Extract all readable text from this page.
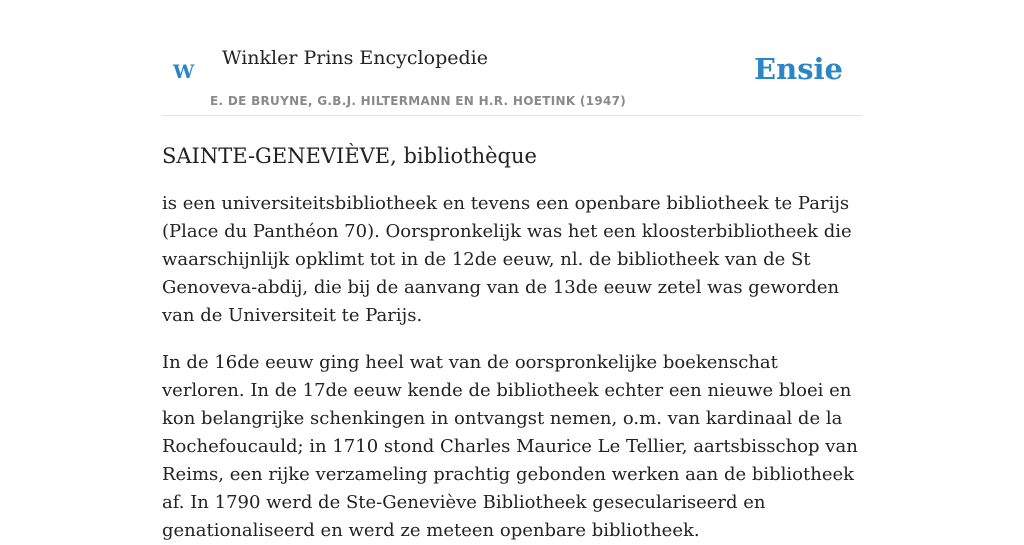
w Winkler Prins Encyclopedie
E. DE BRUYNE, G.B.J. HILTERMANN EN H.R. HOETINK (1947)
Ensie
SAINTE-GENEVIÈVE, bibliothèque

is een universiteitsbibliotheek en tevens een openbare bibliotheek te Parijs (Place du Panthéon 70). Oorspronkelijk was het een kloosterbibliotheek die waarschijnlijk opklimt tot in de 12de eeuw, nl. de bibliotheek van de St Genoveva-abdij, die bij de aanvang van de 13de eeuw zetel was geworden van de Universiteit te Parijs.

In de 16de eeuw ging heel wat van de oorspronkelijke boekenschat verloren. In de 17de eeuw kende de bibliotheek echter een nieuwe bloei en kon belangrijke schenkingen in ontvangst nemen, o.m. van kardinaal de la Rochefoucauld; in 1710 stond Charles Maurice Le Tellier, aartsbisschop van Reims, een rijke verzameling prachtig gebonden werken aan de bibliotheek af. In 1790 werd de Ste-Geneviève Bibliotheek geseculariseerd en genationaliseerd en werd ze meteen openbare bibliotheek.
